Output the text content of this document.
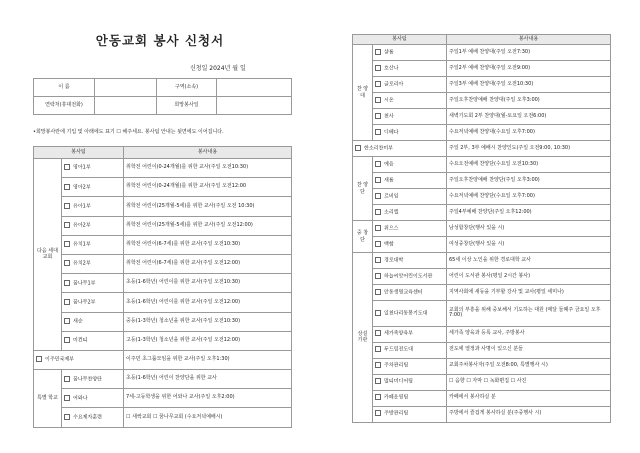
안동교회 봉사 신청서
신청일 2024년 월 일
이 름		구역(소속)	
연락처(휴대전화)		희망봉사일	
•희망봉사란에 기입 및 아래에도 표기 ☐ 해주세요. 봉사팀 안내는 뒷면에도 이어집니다.
봉사팀		봉사내용
다음 세대 교회	영아1부	취학전 어린이(0-24개월)를 위한 교사(주일 오전10:30)
	영아2부	취학전 어린이(0-24개월)를 위한 교사(주일 오전12:00
	유아1부	취학전 어린이(25개월-5세)를 위한 교사(주일 오전 10:30)
	유아2부	취학전 어린이(25개월-5세)를 위한 교사(주일 오전12:00)
	유치1부	취학전 어린이(6-7세)를 위한 교사(주일 오전10:30)
	유치2부	취학전 어린이(6-7세)를 위한 교사(주일 오전12:00)
	꿈나무1부	초등(1-6학년) 어린이를 위한 교사(주일 오전10:30)
	꿈나무2부	초등(1-6학년) 어린이를 위한 교사(주일 오전12:00)
	새순	중등(1-3학년) 청소년을 위한 교사(주일 오전10:30)
	미컨티	고등(1-3학년) 청소년을 위한 교사(주일 오전12:00)
이주민국제부		이주민 초그룹모임을 위한 교사(주일 오후1:30)
특별 학교	꿈나무찬양단	초등(1-6학년) 어린이 찬양단을 위한 교사
	어와나	7세-고등학생을 위한 어와나 교사(주일 오후2:00)
	수요제자훈련	☐ 새싹교회 ☐ 꿈나무교회 (수요저녁예배시)
봉사팀		봉사내용
찬 양 대	샬롬	주일1부 예배 찬양대(주일 오전7:30)
	호산나	주일2부 예배 찬양대(주일 오전9:00)
	글로리아	주일3부 예배 찬양대(주일 오전10:30)
	시온	주일오후찬양예배 찬양대(주일 오후3:00)
	천사	새벽기도회 2부 찬양대(월-토요일 오전6:00)
	디베다	수요저녁예배 찬양대(수요일 오후7:00)
한소리찬미부		주일 2부, 3부 예배시 찬양인도(주일 오전9:00, 10:30)
찬 양 단	예음	수요오전예배 찬양단(수요일 오전10:30)
	새롬	주일오후찬양예배 찬양단(주일 오후3:00)
	르비임	수요저녁예배 찬양단(수요일 오후7:00)
	소리엘	주일4부예배 찬양단(주일 오후12:00)
중 창 단	위으스	남성합창단(행사 있을 시)
	백합	여성중창단(행사 있을 시)
상설 기관	경로대학	65세 이상 노인을 위한 경로대학 교사
	하늘씨앗어린이도서관	어린이 도서관 봉사(평일 2시간 봉사)
	안동생명교육센터	지역사회에 새등을 기부할 강사 및 교사(평일 세미나)
	일천다리동봉기도대	교회의 부흥을 위해 중보해서 기도하는 대원 (매달 둘째주 금요일 오후7:00)
	세가족양육부	세가족 양육과 등록 교사, 주방봉사
	두드림전도대	전도에 열정과 사명이 있으신 분들
	주차관리팀	교회주차봉사자(주일 오전8:00, 특별행사 시)
	멀티미디어팀	☐ 음향 ☐ 자막 ☐ 녹화편집 ☐ 사진
	카페운영팀	카페에서 봉사하실 분
	주방관리팀	주방에서 즐겁게 봉사하실 분(주중행사 시)
